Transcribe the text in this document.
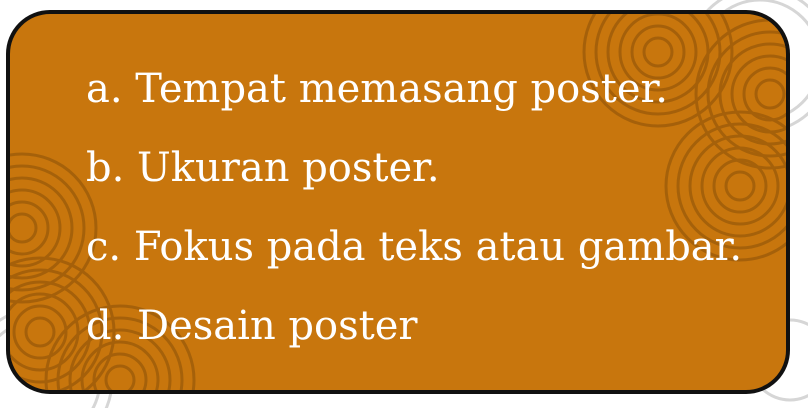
a. Tempat memasang poster.
b. Ukuran poster.
c. Fokus pada teks atau gambar.
d. Desain poster
